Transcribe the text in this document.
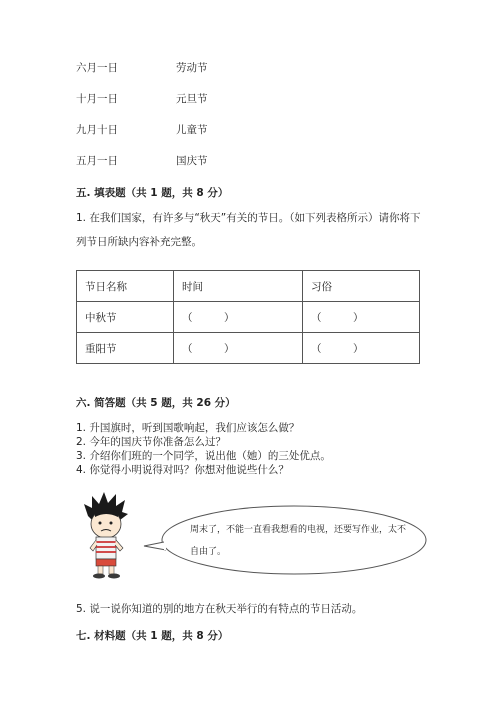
六月一日	劳动节
十月一日	元旦节
九月十日	儿童节
五月一日	国庆节
五. 填表题（共 1 题，共 8 分）
1. 在我们国家，有许多与“秋天”有关的节日。（如下列表格所示）请你将下
列节日所缺内容补充完整。
节日名称	时间	习俗
中秋节	（　　　）	（　　　）
重阳节	（　　　）	（　　　）
六. 简答题（共 5 题，共 26 分）
1. 升国旗时，听到国歌响起，我们应该怎么做？
2. 今年的国庆节你准备怎么过？
3. 介绍你们班的一个同学，说出他（她）的三处优点。
4. 你觉得小明说得对吗？你想对他说些什么？
周末了，不能一直看我想看的电视，还要写作业，太不
自由了。
5. 说一说你知道的别的地方在秋天举行的有特点的节日活动。
七. 材料题（共 1 题，共 8 分）
